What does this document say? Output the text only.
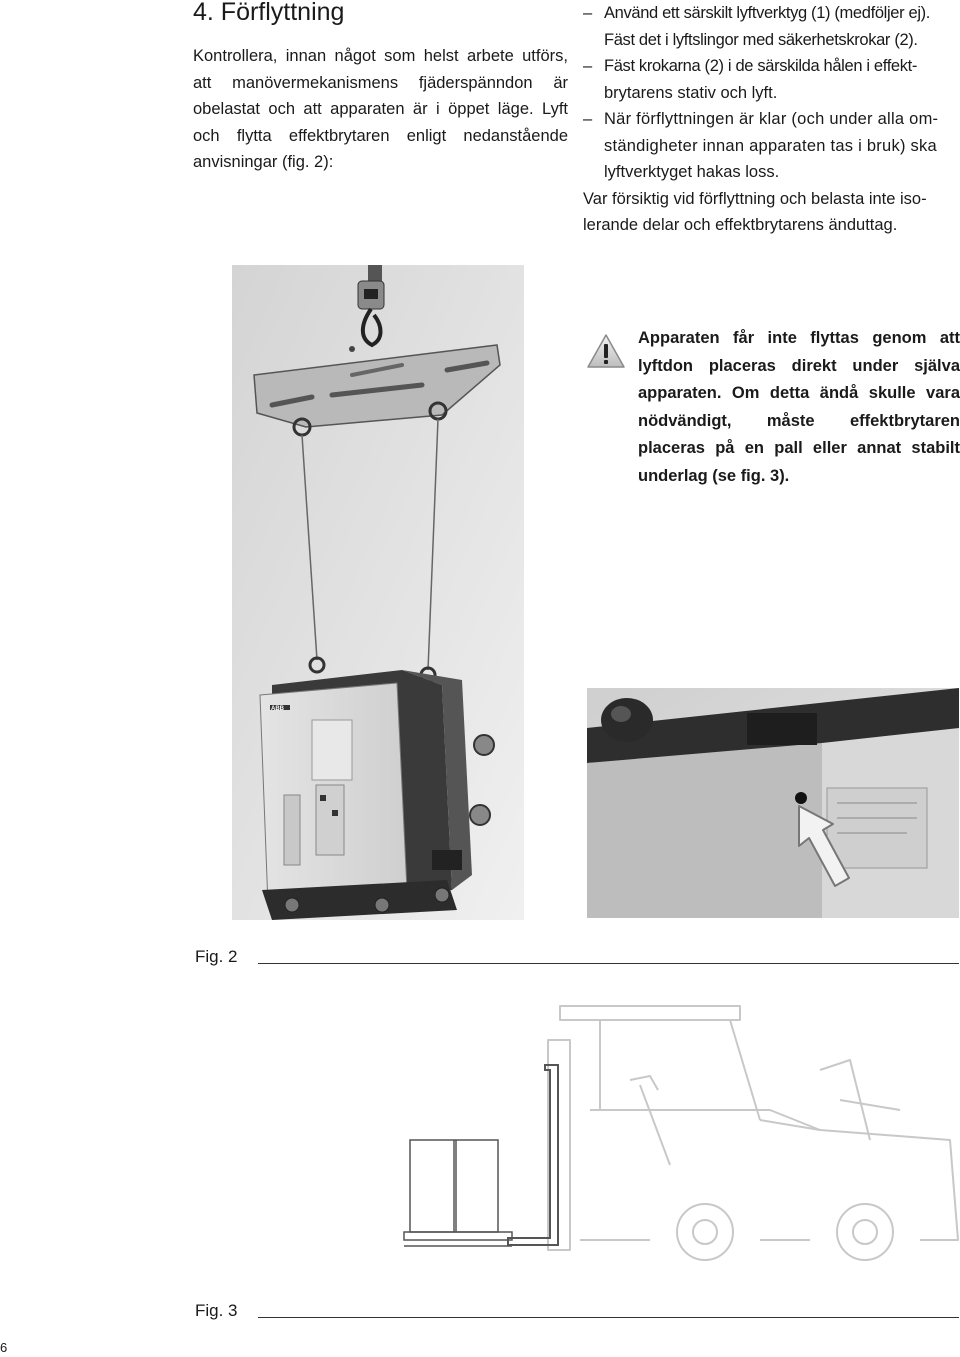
4. Förflyttning

Kontrollera, innan något som helst arbete utförs, att manövermekanismens fjäderspänndon är obelastat och att apparaten är i öppet läge. Lyft och flytta effektbrytaren enligt nedanstående anvisningar (fig. 2):

– Använd ett särskilt lyftverktyg (1) (medföljer ej).
Fäst det i lyftslingor med säkerhetskrokar (2).
– Fäst krokarna (2) i de särskilda hålen i effekt-
brytarens stativ och lyft.
– När förflyttningen är klar (och under alla om-
ständigheter innan apparaten tas i bruk) ska
lyftverktyget hakas loss.
Var försiktig vid förflyttning och belasta inte iso-
lerande delar och effektbrytarens änduttag.

Apparaten får inte flyttas genom att lyftdon placeras direkt under själva apparaten. Om detta ändå skulle vara nödvändigt, måste effektbrytaren placeras på en pall eller annat stabilt underlag (se fig. 3).

ABB
Fig. 2
Fig. 3
6
